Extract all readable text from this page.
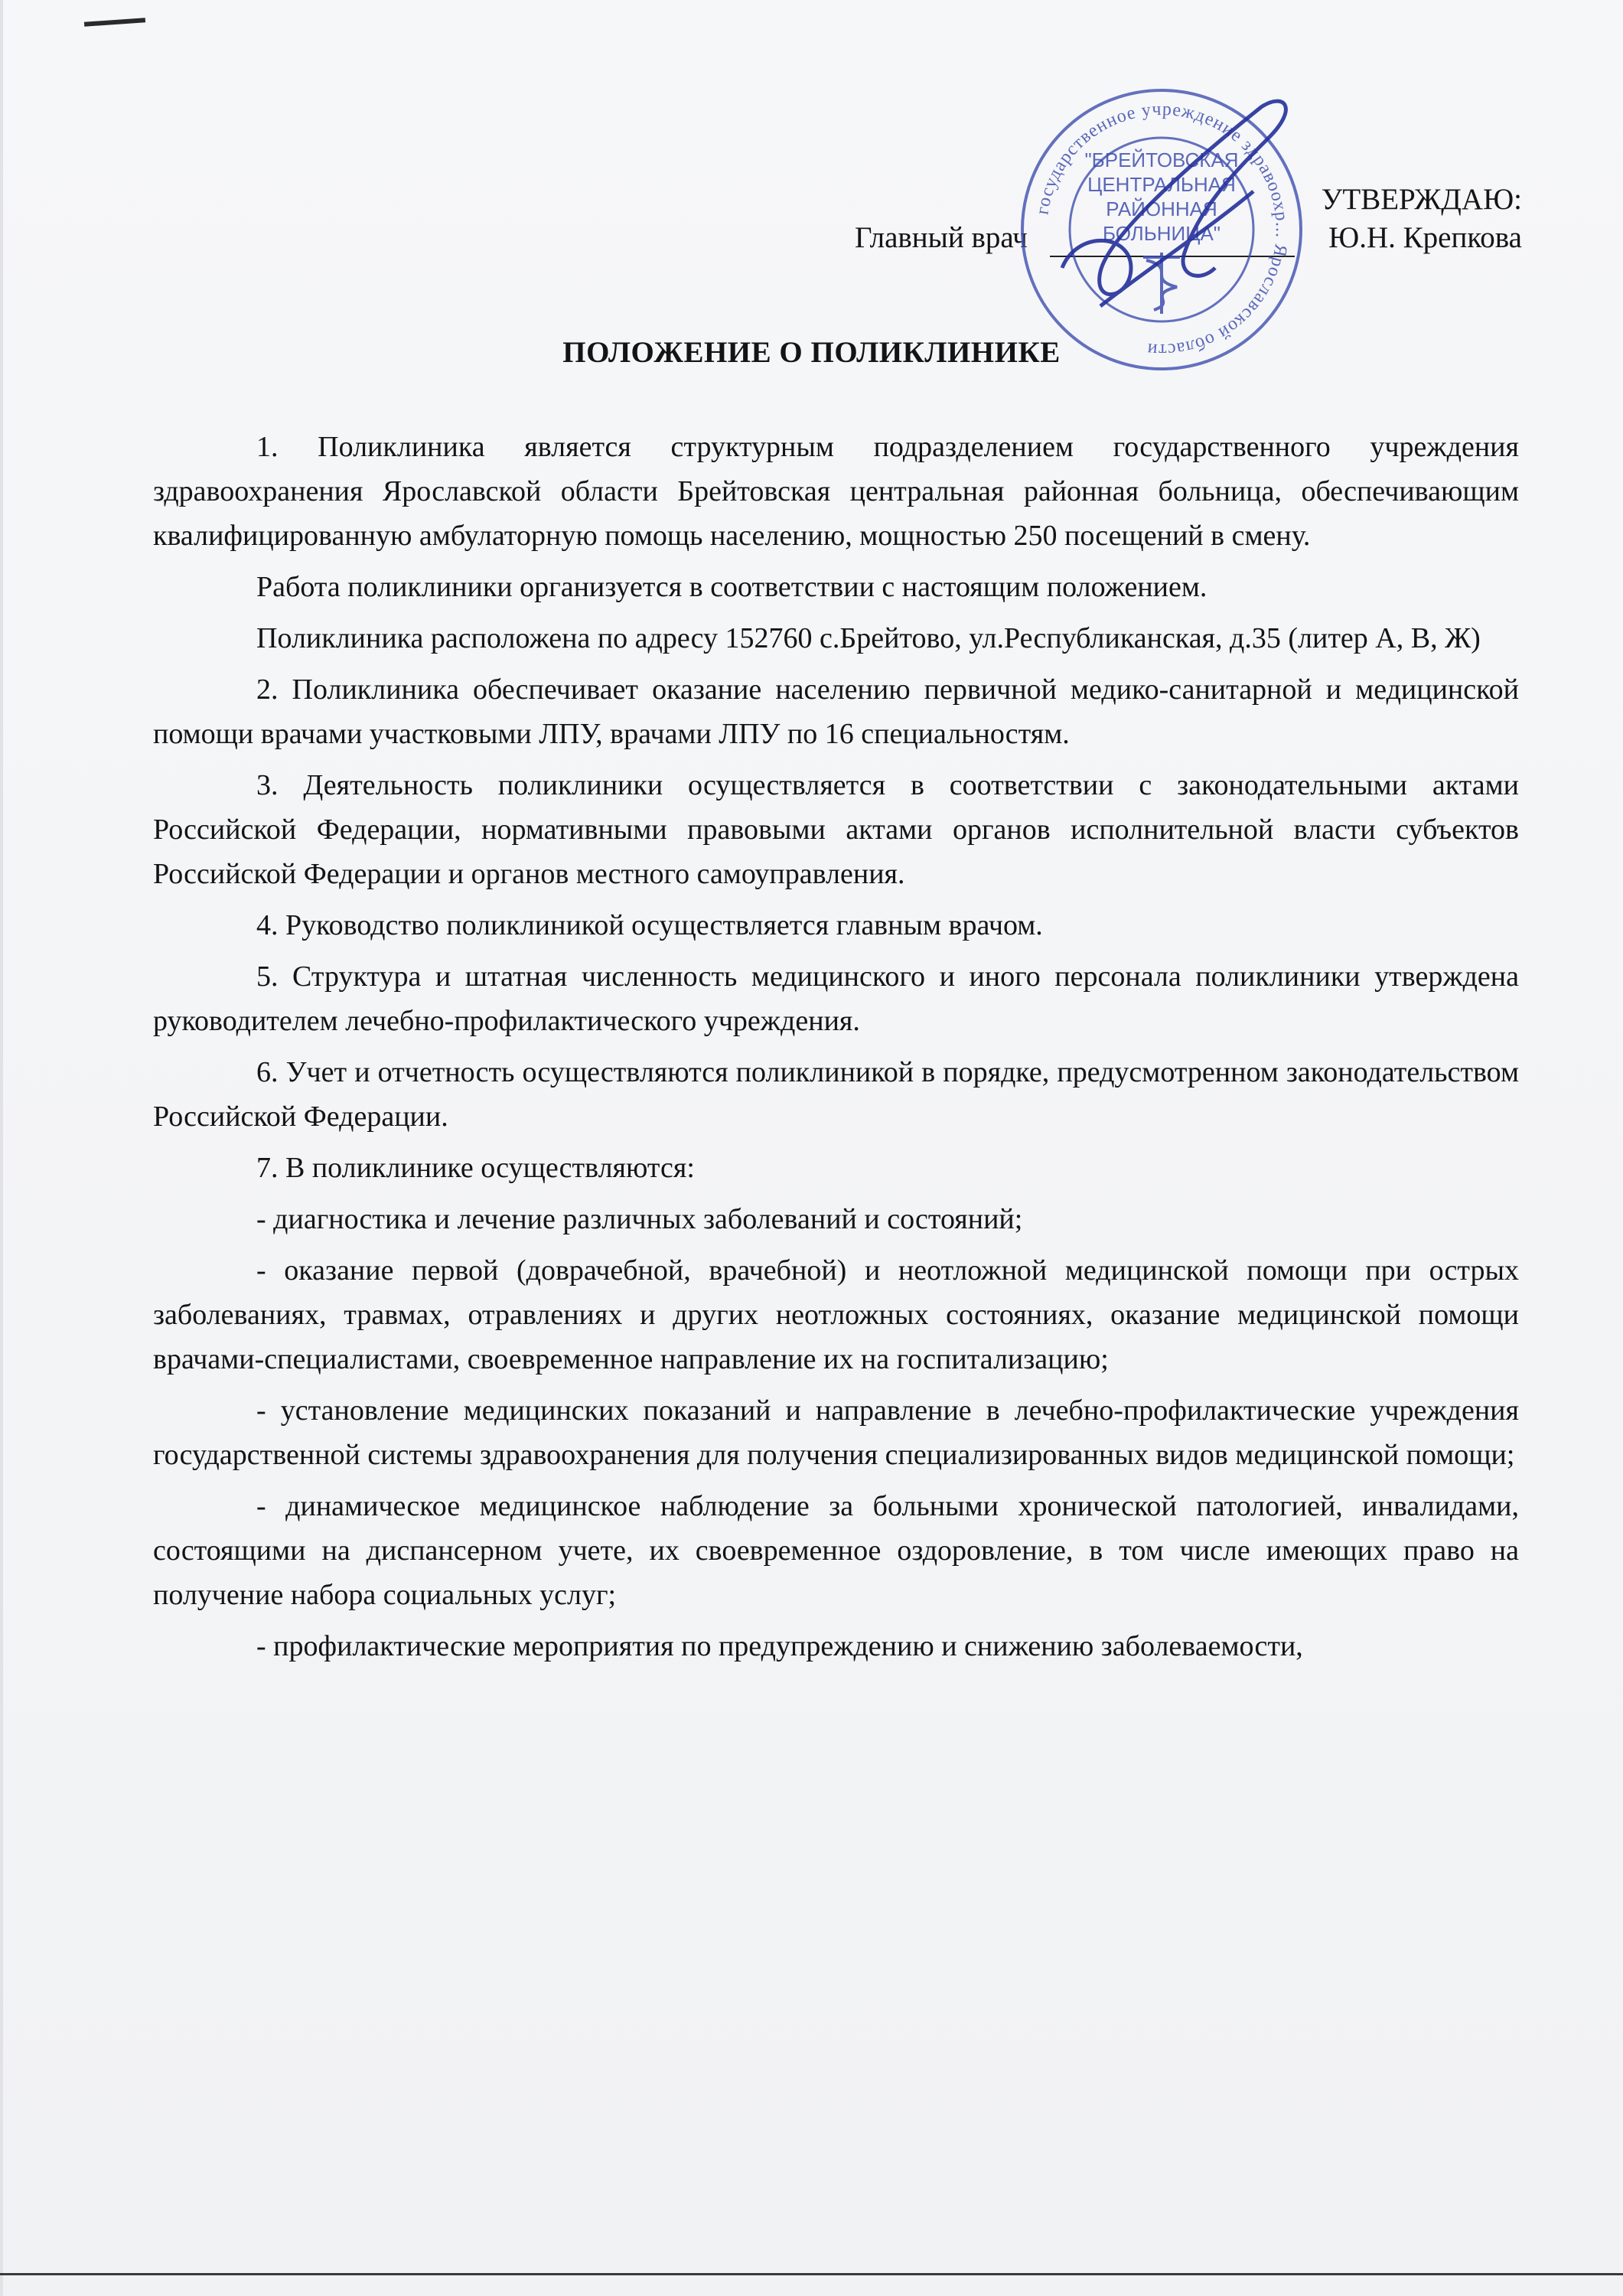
УТВЕРЖДАЮ:
Главный врач	Ю.Н. Крепкова
государственное учреждение здравоохр... Ярославской области
"БРЕЙТОВСКАЯ
ЦЕНТРАЛЬНАЯ
РАЙОННАЯ
БОЛЬНИЦА"
ПОЛОЖЕНИЕ О ПОЛИКЛИНИКЕ

1. Поликлиника является структурным подразделением государственного учреждения здравоохранения Ярославской области Брейтовская центральная районная больница, обеспечивающим квалифицированную амбулаторную помощь населению, мощностью 250 посещений в смену.

Работа поликлиники организуется в соответствии с настоящим положением.

Поликлиника расположена по адресу 152760 с.Брейтово, ул.Республиканская, д.35 (литер А, В, Ж)

2. Поликлиника обеспечивает оказание населению первичной медико-санитарной и медицинской помощи врачами участковыми ЛПУ, врачами ЛПУ по 16 специальностям.

3. Деятельность поликлиники осуществляется в соответствии с законодательными актами Российской Федерации, нормативными правовыми актами органов исполнительной власти субъектов Российской Федерации и органов местного самоуправления.

4. Руководство поликлиникой осуществляется главным врачом.

5. Структура и штатная численность медицинского и иного персонала поликлиники утверждена руководителем лечебно-профилактического учреждения.

6. Учет и отчетность осуществляются поликлиникой в порядке, предусмотренном законодательством Российской Федерации.

7. В поликлинике осуществляются:

- диагностика и лечение различных заболеваний и состояний;

- оказание первой (доврачебной, врачебной) и неотложной медицинской помощи при острых заболеваниях, травмах, отравлениях и других неотложных состояниях, оказание медицинской помощи врачами-специалистами, своевременное направление их на госпитализацию;

- установление медицинских показаний и направление в лечебно-профилактические учреждения государственной системы здравоохранения для получения специализированных видов медицинской помощи;

- динамическое медицинское наблюдение за больными хронической патологией, инвалидами, состоящими на диспансерном учете, их своевременное оздоровление, в том числе имеющих право на получение набора социальных услуг;

- профилактические мероприятия по предупреждению и снижению заболеваемости,
